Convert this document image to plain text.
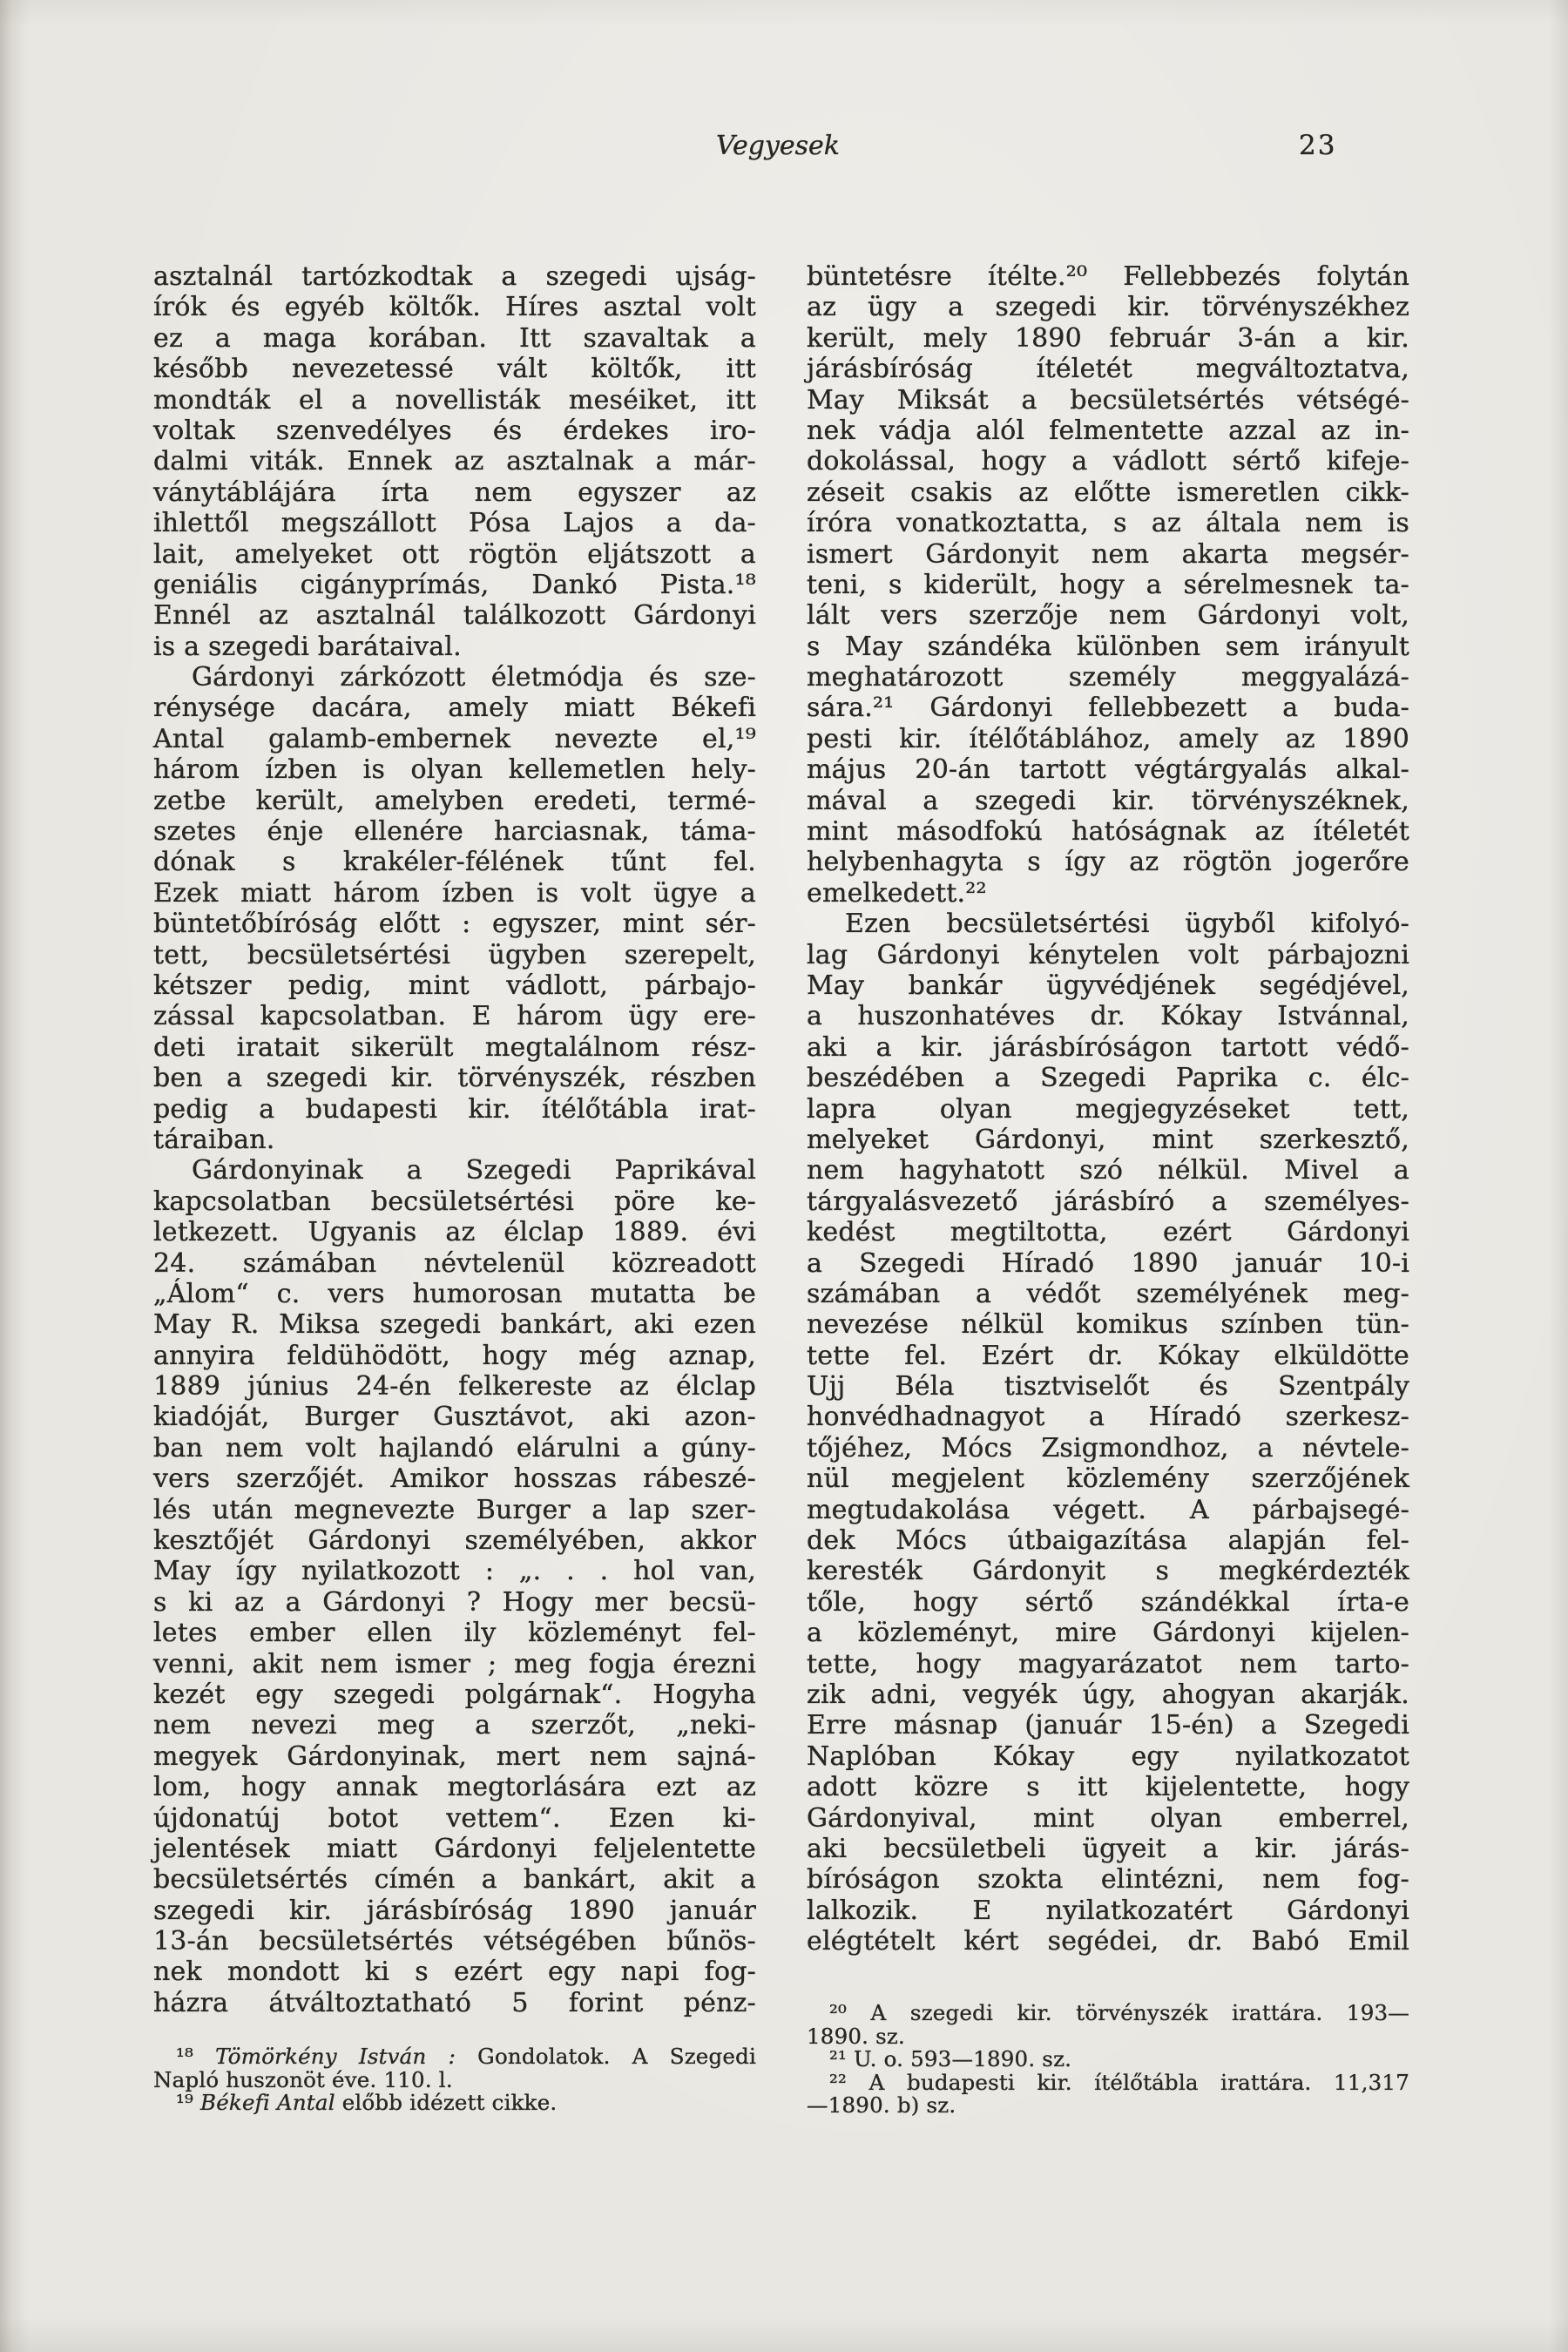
Vegyesek	23
asztalnál tartózkodtak a szegedi ujság-
írók és egyéb költők. Híres asztal volt
ez a maga korában. Itt szavaltak a
később nevezetessé vált költők, itt
mondták el a novellisták meséiket, itt
voltak szenvedélyes és érdekes iro-
dalmi viták. Ennek az asztalnak a már-
ványtáblájára írta nem egyszer az
ihlettől megszállott Pósa Lajos a da-
lait, amelyeket ott rögtön eljátszott a
geniális cigányprímás, Dankó Pista.¹⁸
Ennél az asztalnál találkozott Gárdonyi
is a szegedi barátaival.
Gárdonyi zárkózott életmódja és sze-
rénysége dacára, amely miatt Békefi
Antal galamb-embernek nevezte el,¹⁹
három ízben is olyan kellemetlen hely-
zetbe került, amelyben eredeti, termé-
szetes énje ellenére harciasnak, táma-
dónak s krakéler-félének tűnt fel.
Ezek miatt három ízben is volt ügye a
büntetőbíróság előtt : egyszer, mint sér-
tett, becsületsértési ügyben szerepelt,
kétszer pedig, mint vádlott, párbajo-
zással kapcsolatban. E három ügy ere-
deti iratait sikerült megtalálnom rész-
ben a szegedi kir. törvényszék, részben
pedig a budapesti kir. ítélőtábla irat-
táraiban.
Gárdonyinak a Szegedi Paprikával
kapcsolatban becsületsértési pöre ke-
letkezett. Ugyanis az élclap 1889. évi
24. számában névtelenül közreadott
„Álom“ c. vers humorosan mutatta be
May R. Miksa szegedi bankárt, aki ezen
annyira feldühödött, hogy még aznap,
1889 június 24-én felkereste az élclap
kiadóját, Burger Gusztávot, aki azon-
ban nem volt hajlandó elárulni a gúny-
vers szerzőjét. Amikor hosszas rábeszé-
lés után megnevezte Burger a lap szer-
kesztőjét Gárdonyi személyében, akkor
May így nyilatkozott : „. . . hol van,
s ki az a Gárdonyi ? Hogy mer becsü-
letes ember ellen ily közleményt fel-
venni, akit nem ismer ; meg fogja érezni
kezét egy szegedi polgárnak“. Hogyha
nem nevezi meg a szerzőt, „neki-
megyek Gárdonyinak, mert nem sajná-
lom, hogy annak megtorlására ezt az
újdonatúj botot vettem“. Ezen ki-
jelentések miatt Gárdonyi feljelentette
becsületsértés címén a bankárt, akit a
szegedi kir. járásbíróság 1890 január
13-án becsületsértés vétségében bűnös-
nek mondott ki s ezért egy napi fog-
házra átváltoztatható 5 forint pénz-
büntetésre ítélte.²⁰ Fellebbezés folytán
az ügy a szegedi kir. törvényszékhez
került, mely 1890 február 3-án a kir.
járásbíróság ítéletét megváltoztatva,
May Miksát a becsületsértés vétségé-
nek vádja alól felmentette azzal az in-
dokolással, hogy a vádlott sértő kifeje-
zéseit csakis az előtte ismeretlen cikk-
íróra vonatkoztatta, s az általa nem is
ismert Gárdonyit nem akarta megsér-
teni, s kiderült, hogy a sérelmesnek ta-
lált vers szerzője nem Gárdonyi volt,
s May szándéka különben sem irányult
meghatározott személy meggyalázá-
sára.²¹ Gárdonyi fellebbezett a buda-
pesti kir. ítélőtáblához, amely az 1890
május 20-án tartott végtárgyalás alkal-
mával a szegedi kir. törvényszéknek,
mint másodfokú hatóságnak az ítéletét
helybenhagyta s így az rögtön jogerőre
emelkedett.²²
Ezen becsületsértési ügyből kifolyó-
lag Gárdonyi kénytelen volt párbajozni
May bankár ügyvédjének segédjével,
a huszonhatéves dr. Kókay Istvánnal,
aki a kir. járásbíróságon tartott védő-
beszédében a Szegedi Paprika c. élc-
lapra olyan megjegyzéseket tett,
melyeket Gárdonyi, mint szerkesztő,
nem hagyhatott szó nélkül. Mivel a
tárgyalásvezető járásbíró a személyes-
kedést megtiltotta, ezért Gárdonyi
a Szegedi Híradó 1890 január 10-i
számában a védőt személyének meg-
nevezése nélkül komikus színben tün-
tette fel. Ezért dr. Kókay elküldötte
Ujj Béla tisztviselőt és Szentpály
honvédhadnagyot a Híradó szerkesz-
tőjéhez, Mócs Zsigmondhoz, a névtele-
nül megjelent közlemény szerzőjének
megtudakolása végett. A párbajsegé-
dek Mócs útbaigazítása alapján fel-
keresték Gárdonyit s megkérdezték
tőle, hogy sértő szándékkal írta-e
a közleményt, mire Gárdonyi kijelen-
tette, hogy magyarázatot nem tarto-
zik adni, vegyék úgy, ahogyan akarják.
Erre másnap (január 15-én) a Szegedi
Naplóban Kókay egy nyilatkozatot
adott közre s itt kijelentette, hogy
Gárdonyival, mint olyan emberrel,
aki becsületbeli ügyeit a kir. járás-
bíróságon szokta elintézni, nem fog-
lalkozik. E nyilatkozatért Gárdonyi
elégtételt kért segédei, dr. Babó Emil
¹⁸ Tömörkény István : Gondolatok. A Szegedi
Napló huszonöt éve. 110. l.
¹⁹ Békefi Antal előbb idézett cikke.
²⁰ A szegedi kir. törvényszék irattára. 193—
1890. sz.
²¹ U. o. 593—1890. sz.
²² A budapesti kir. ítélőtábla irattára. 11,317
—1890. b) sz.
